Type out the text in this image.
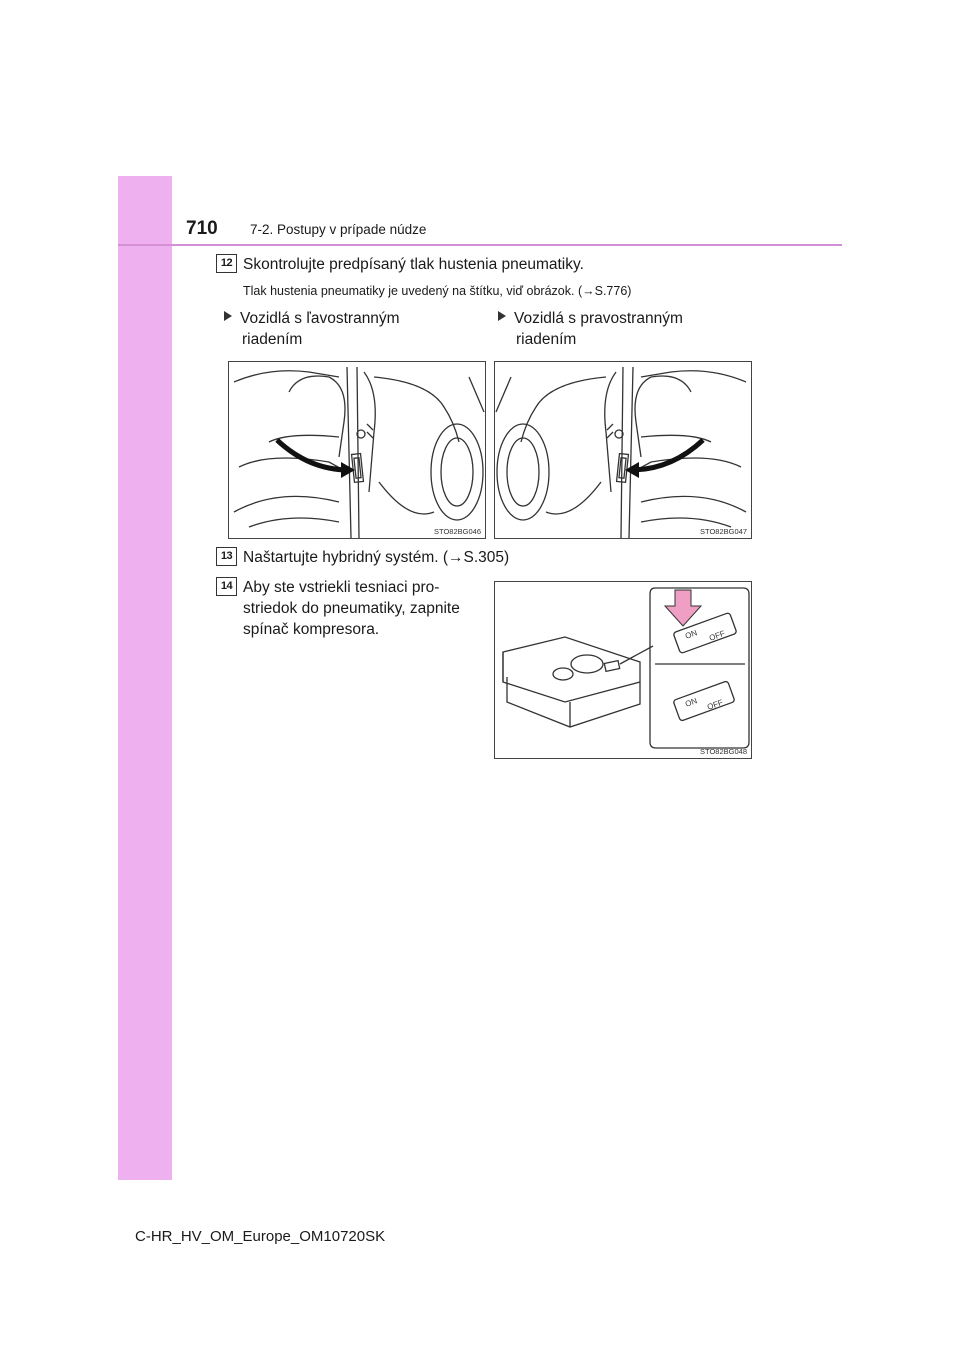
710 7-2. Postupy v prípade núdze
12 Skontrolujte predpísaný tlak hustenia pneumatiky.
Tlak hustenia pneumatiky je uvedený na štítku, viď obrázok. (→S.776)
Vozidlá s ľavostranným
riadením
Vozidlá s pravostranným
riadením
STO82BG046	STO82BG047
13 Naštartujte hybridný systém. (→S.305)
14 Aby ste vstriekli tesniaci pro-
striedok do pneumatiky, zapnite
spínač kompresora.	ON OFF
ON OFF
STO82BG048
C-HR_HV_OM_Europe_OM10720SK
